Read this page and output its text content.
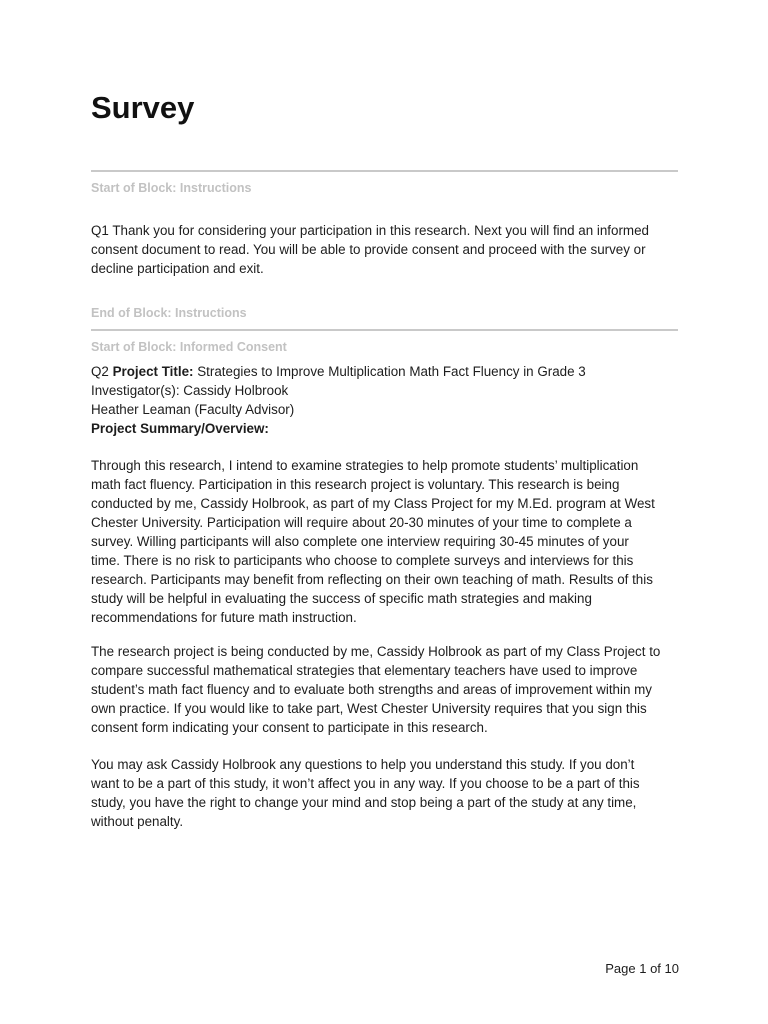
Survey
Start of Block: Instructions

Q1 Thank you for considering your participation in this research. Next you will find an informed
consent document to read. You will be able to provide consent and proceed with the survey or
decline participation and exit.

End of Block: Instructions
Start of Block: Informed Consent

Q2 Project Title: Strategies to Improve Multiplication Math Fact Fluency in Grade 3
Investigator(s): Cassidy Holbrook
Heather Leaman (Faculty Advisor)
Project Summary/Overview:

Through this research, I intend to examine strategies to help promote students’ multiplication
math fact fluency. Participation in this research project is voluntary. This research is being
conducted by me, Cassidy Holbrook, as part of my Class Project for my M.Ed. program at West
Chester University. Participation will require about 20-30 minutes of your time to complete a
survey. Willing participants will also complete one interview requiring 30-45 minutes of your
time. There is no risk to participants who choose to complete surveys and interviews for this
research. Participants may benefit from reflecting on their own teaching of math. Results of this
study will be helpful in evaluating the success of specific math strategies and making
recommendations for future math instruction.

The research project is being conducted by me, Cassidy Holbrook as part of my Class Project to
compare successful mathematical strategies that elementary teachers have used to improve
student’s math fact fluency and to evaluate both strengths and areas of improvement within my
own practice. If you would like to take part, West Chester University requires that you sign this
consent form indicating your consent to participate in this research.

You may ask Cassidy Holbrook any questions to help you understand this study. If you don’t
want to be a part of this study, it won’t affect you in any way. If you choose to be a part of this
study, you have the right to change your mind and stop being a part of the study at any time,
without penalty.

Page 1 of 10
